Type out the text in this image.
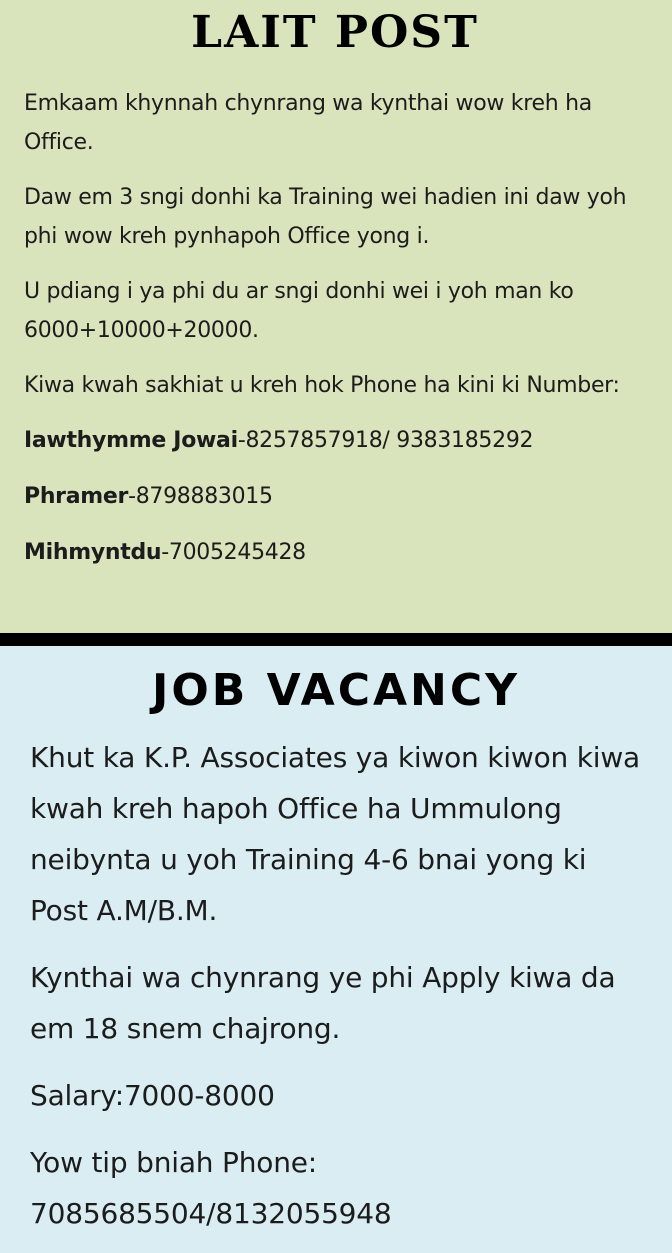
LAIT POST

Emkaam khynnah chynrang wa kynthai wow kreh ha Office.

Daw em 3 sngi donhi ka Training wei hadien ini daw yoh phi wow kreh pynhapoh Office yong i.

U pdiang i ya phi du ar sngi donhi wei i yoh man ko 6000+10000+20000.

Kiwa kwah sakhiat u kreh hok Phone ha kini ki Number:

Iawthymme Jowai-8257857918/ 9383185292

Phramer-8798883015

Mihmyntdu-7005245428

JOB VACANCY

Khut ka K.P. Associates ya kiwon kiwon kiwa kwah kreh hapoh Office ha Ummulong neibynta u yoh Training 4-6 bnai yong ki Post A.M/B.M.

Kynthai wa chynrang ye phi Apply kiwa da em 18 snem chajrong.

Salary:7000-8000

Yow tip bniah Phone: 7085685504/8132055948
